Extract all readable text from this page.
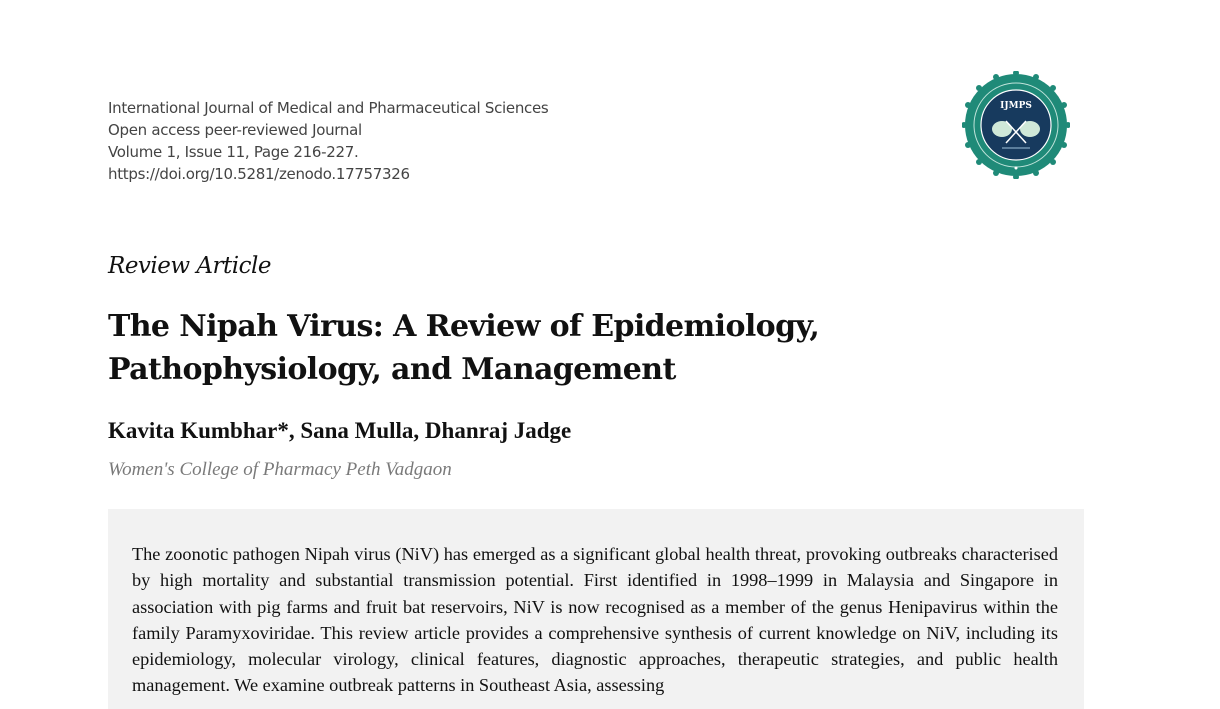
International Journal of Medical and Pharmaceutical Sciences
Open access peer-reviewed Journal
Volume 1, Issue 11, Page 216-227.
https://doi.org/10.5281/zenodo.17757326
IJMPS
Review Article
The Nipah Virus: A Review of Epidemiology, Pathophysiology, and Management
Kavita Kumbhar*, Sana Mulla, Dhanraj Jadge
Women's College of Pharmacy Peth Vadgaon

The zoonotic pathogen Nipah virus (NiV) has emerged as a significant global health threat, provoking outbreaks characterised by high mortality and substantial transmission potential. First identified in 1998–1999 in Malaysia and Singapore in association with pig farms and fruit bat reservoirs, NiV is now recognised as a member of the genus Henipavirus within the family Paramyxoviridae. This review article provides a comprehensive synthesis of current knowledge on NiV, including its epidemiology, molecular virology, clinical features, diagnostic approaches, therapeutic strategies, and public health management. We examine outbreak patterns in Southeast Asia, assessing
